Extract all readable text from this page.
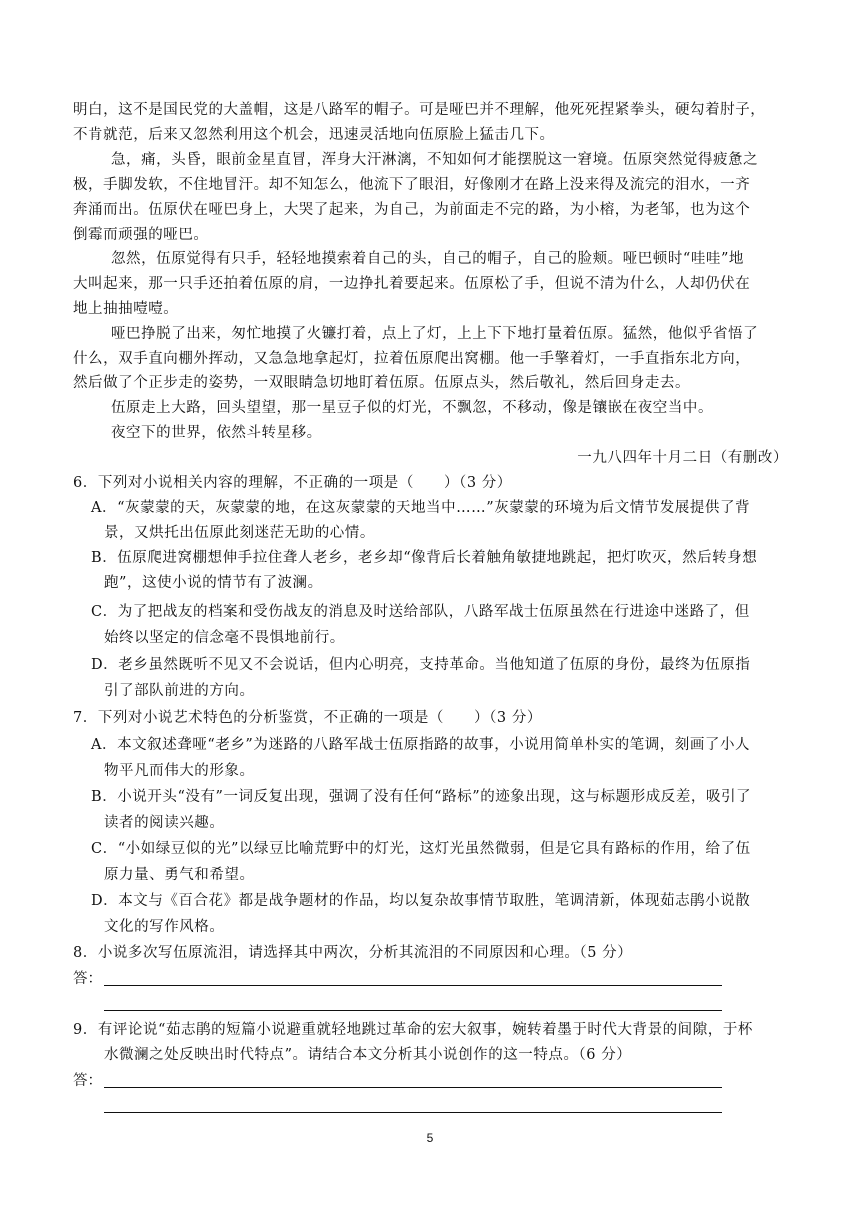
明白，这不是国民党的大盖帽，这是八路军的帽子。可是哑巴并不理解，他死死捏紧拳头，硬勾着肘子，
不肯就范，后来又忽然利用这个机会，迅速灵活地向伍原脸上猛击几下。
急，痛，头昏，眼前金星直冒，浑身大汗淋漓，不知如何才能摆脱这一窘境。伍原突然觉得疲惫之
极，手脚发软，不住地冒汗。却不知怎么，他流下了眼泪，好像刚才在路上没来得及流完的泪水，一齐
奔涌而出。伍原伏在哑巴身上，大哭了起来，为自己，为前面走不完的路，为小榕，为老邹，也为这个
倒霉而顽强的哑巴。
忽然，伍原觉得有只手，轻轻地摸索着自己的头，自己的帽子，自己的脸颊。哑巴顿时“哇哇”地
大叫起来，那一只手还拍着伍原的肩，一边挣扎着要起来。伍原松了手，但说不清为什么，人却仍伏在
地上抽抽噎噎。
哑巴挣脱了出来，匆忙地摸了火镰打着，点上了灯，上上下下地打量着伍原。猛然，他似乎省悟了
什么，双手直向棚外挥动，又急急地拿起灯，拉着伍原爬出窝棚。他一手擎着灯，一手直指东北方向，
然后做了个正步走的姿势，一双眼睛急切地盯着伍原。伍原点头，然后敬礼，然后回身走去。
伍原走上大路，回头望望，那一星豆子似的灯光，不飘忽，不移动，像是镶嵌在夜空当中。
夜空下的世界，依然斗转星移。
一九八四年十月二日（有删改）
6．下列对小说相关内容的理解，不正确的一项是（　　）（3 分）
A．“灰蒙蒙的天，灰蒙蒙的地，在这灰蒙蒙的天地当中……”灰蒙蒙的环境为后文情节发展提供了背
景，又烘托出伍原此刻迷茫无助的心情。
B．伍原爬进窝棚想伸手拉住聋人老乡，老乡却“像背后长着触角敏捷地跳起，把灯吹灭，然后转身想
跑”，这使小说的情节有了波澜。
C．为了把战友的档案和受伤战友的消息及时送给部队，八路军战士伍原虽然在行进途中迷路了，但
始终以坚定的信念毫不畏惧地前行。
D．老乡虽然既听不见又不会说话，但内心明亮，支持革命。当他知道了伍原的身份，最终为伍原指
引了部队前进的方向。
7．下列对小说艺术特色的分析鉴赏，不正确的一项是（　　）（3 分）
A．本文叙述聋哑“老乡”为迷路的八路军战士伍原指路的故事，小说用简单朴实的笔调，刻画了小人
物平凡而伟大的形象。
B．小说开头“没有”一词反复出现，强调了没有任何“路标”的迹象出现，这与标题形成反差，吸引了
读者的阅读兴趣。
C．“小如绿豆似的光”以绿豆比喻荒野中的灯光，这灯光虽然微弱，但是它具有路标的作用，给了伍
原力量、勇气和希望。
D．本文与《百合花》都是战争题材的作品，均以复杂故事情节取胜，笔调清新，体现茹志鹃小说散
文化的写作风格。
8．小说多次写伍原流泪，请选择其中两次，分析其流泪的不同原因和心理。（5 分）
答：
9．有评论说“茹志鹃的短篇小说避重就轻地跳过革命的宏大叙事，婉转着墨于时代大背景的间隙，于杯
水微澜之处反映出时代特点”。请结合本文分析其小说创作的这一特点。（6 分）
答：
5
